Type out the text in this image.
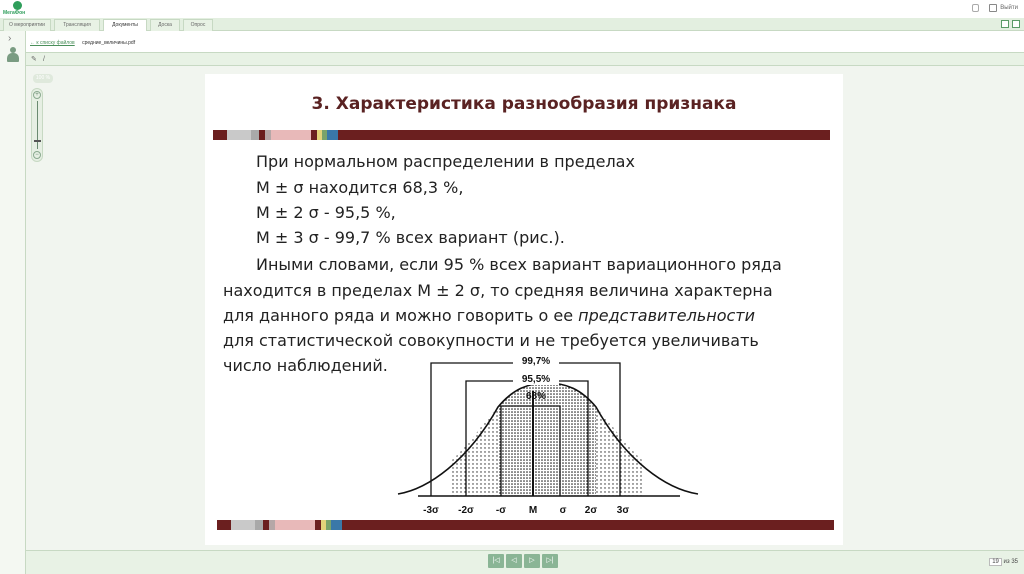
МегаФон
Выйти
О мероприятии	Трансляция	Документы	Доска	Опрос
›	← к списку файлов средние_величины.pdf
✎ /
100 %
+
−
3. Характеристика разнообразия признака
При нормальном распределении в пределах
M ± σ находится 68,3 %,
M ± 2 σ - 95,5 %,
M ± 3 σ - 99,7 % всех вариант (рис.).
Иными словами, если 95 % всех вариант вариационного ряда
находится в пределах M ± 2 σ, то средняя величина характерна
для данного ряда и можно говорить о ее представительности
для статистической совокупности и не требуется увеличивать
число наблюдений.	99,7%
95,5%
68%
-3σ -2σ -σ M σ 2σ 3σ
|◁	◁	▷	▷|	19 из 35
